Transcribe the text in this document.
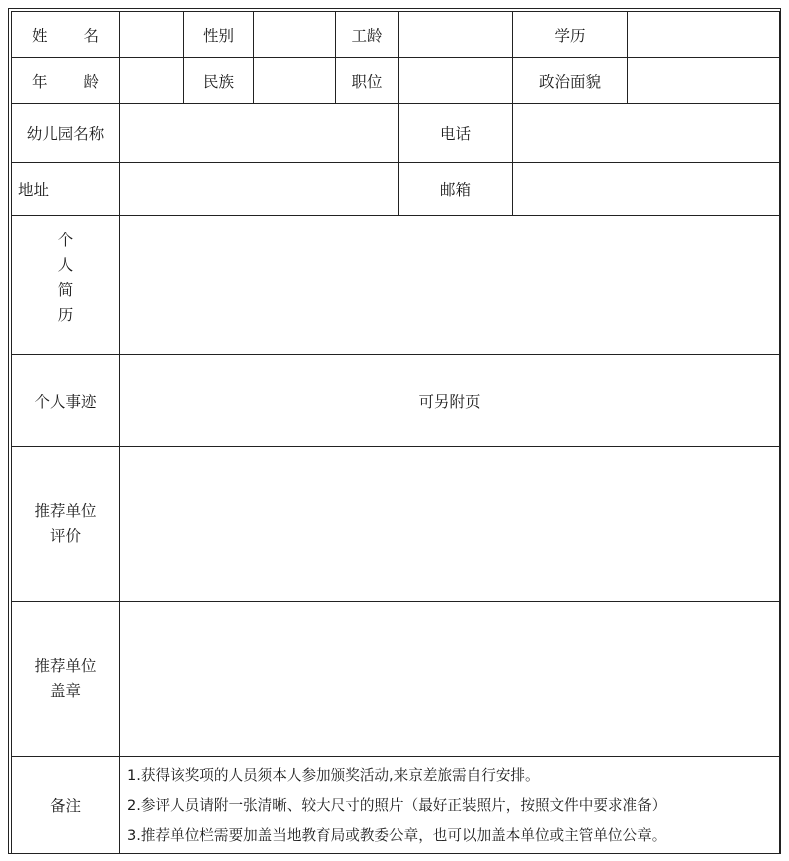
姓 名		性别		工龄		学历	

年 龄		民族		职位		政治面貌	
幼儿园名称					电话		
地址					邮箱		
个人简历							
个人事迹	可另附页						

推荐单位
评价							

推荐单位
盖章							

备注	1.获得该奖项的人员须本人参加颁奖活动,来京差旅需自行安排。
2.参评人员请附一张清晰、较大尺寸的照片（最好正装照片，按照文件中要求准备）
3.推荐单位栏需要加盖当地教育局或教委公章，也可以加盖本单位或主管单位公章。						
